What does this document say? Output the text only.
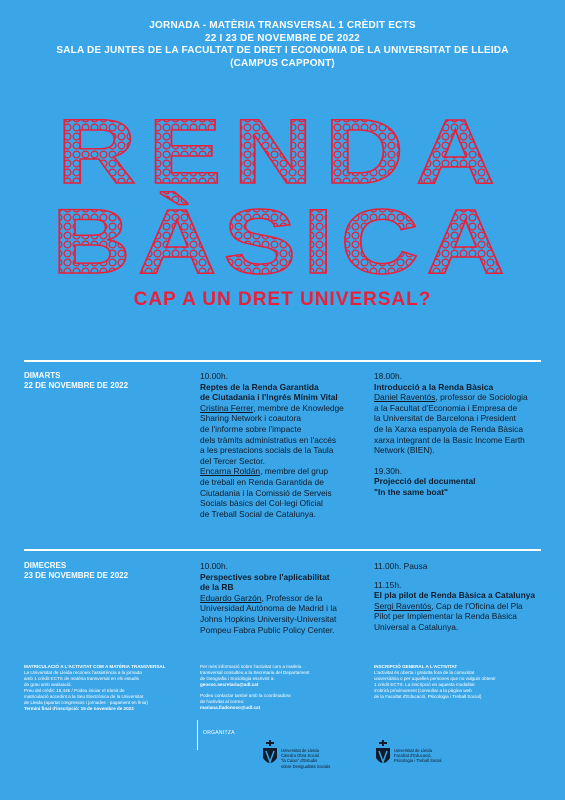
JORNADA - MATÈRIA TRANSVERSAL 1 CRÈDIT ECTS
22 I 23 DE NOVEMBRE DE 2022
SALA DE JUNTES DE LA FACULTAT DE DRET I ECONOMIA DE LA UNIVERSITAT DE LLEIDA
(CAMPUS CAPPONT)
RENDA
BÀSICA
CAP A UN DRET UNIVERSAL?
DIMARTS
22 DE NOVEMBRE DE 2022

10.00h.

Reptes de la Renda Garantida

de Ciutadania i l'Ingrés Mínim Vital

Cristina Ferrer, membre de Knowledge

Sharing Network i coautora

de l'informe sobre l'impacte

dels tràmits administratius en l'accés

a les prestacions socials de la Taula

del Tercer Sector.

Encarna Roldán, membre del grup

de treball en Renda Garantida de

Ciutadania i la Comissió de Serveis

Socials bàsics del Col·legi Oficial

de Treball Social de Catalunya.

18.00h.

Introducció a la Renda Bàsica

Daniel Raventós, professor de Sociologia

a la Facultat d'Economia i Empresa de

la Universitat de Barcelona i President

de la Xarxa espanyola de Renda Bàsica

xarxa integrant de la Basic Income Earth

Network (BIEN).

19.30h.

Projecció del documental

"In the same boat"

DIMECRES
23 DE NOVEMBRE DE 2022

10.00h.

Perspectives sobre l'aplicabilitat

de la RB

Eduardo Garzón, Professor de la

Universidad Autónoma de Madrid i la

Johns Hopkins University-Universitat

Pompeu Fabra Public Policy Center.

11.00h. Pausa

11.15h.

El pla pilot de Renda Bàsica a Catalunya

Sergi Raventós, Cap de l'Oficina del Pla

Pilot per Implementar la Renda Bàsica

Universal a Catalunya.

MATRICULACIÓ A L'ACTIVITAT COM A MATÈRIA TRANSVERSAL

La Universitat de Lleida reconeix l'assistència a la jornada

amb 1 crèdit ECTS de matèria transversal en els estudis

de grau amb avaluació.

Preu del crèdit: 18,44€ / Podeu iniciar el tràmit de

matriculació accedint a la Seu Electrònica de la Universitat

de Lleida (apartat congressos i jornades - pagament en línia)

Termini final d'inscripció: 15 de novembre de 2022

Per més informació sobre l'activitat com a matèria

transversal consulteu a la Secretaria del Departament

de Geografia i Sociologia escrivint a:

geosoc.secretaria@udl.cat

Podeu contactar també amb la coordinadora

de l'activitat al correu:

mariana.fiadonoso@udl.cat

INSCRIPCIÓ GENERAL A L'ACTIVITAT

L'activitat és oberta i gratuïta fora de la comunitat

universitària o per aquelles persones que no vulguin obtenir

1 crèdit ECTS. La inscripció en aquesta modalitat

s'obrirà pròximament (consultar a la pàgina web

de la Facultat d'Educació, Psicologia i Treball Social)

ORGANITZA
Universitat de Lleida
Càtedra Obra Social
"la Caixa" d'Estudis
sobre Desigualtats Socials
Universitat de Lleida
Facultat d'Educació,
Psicologia i Treball Social
